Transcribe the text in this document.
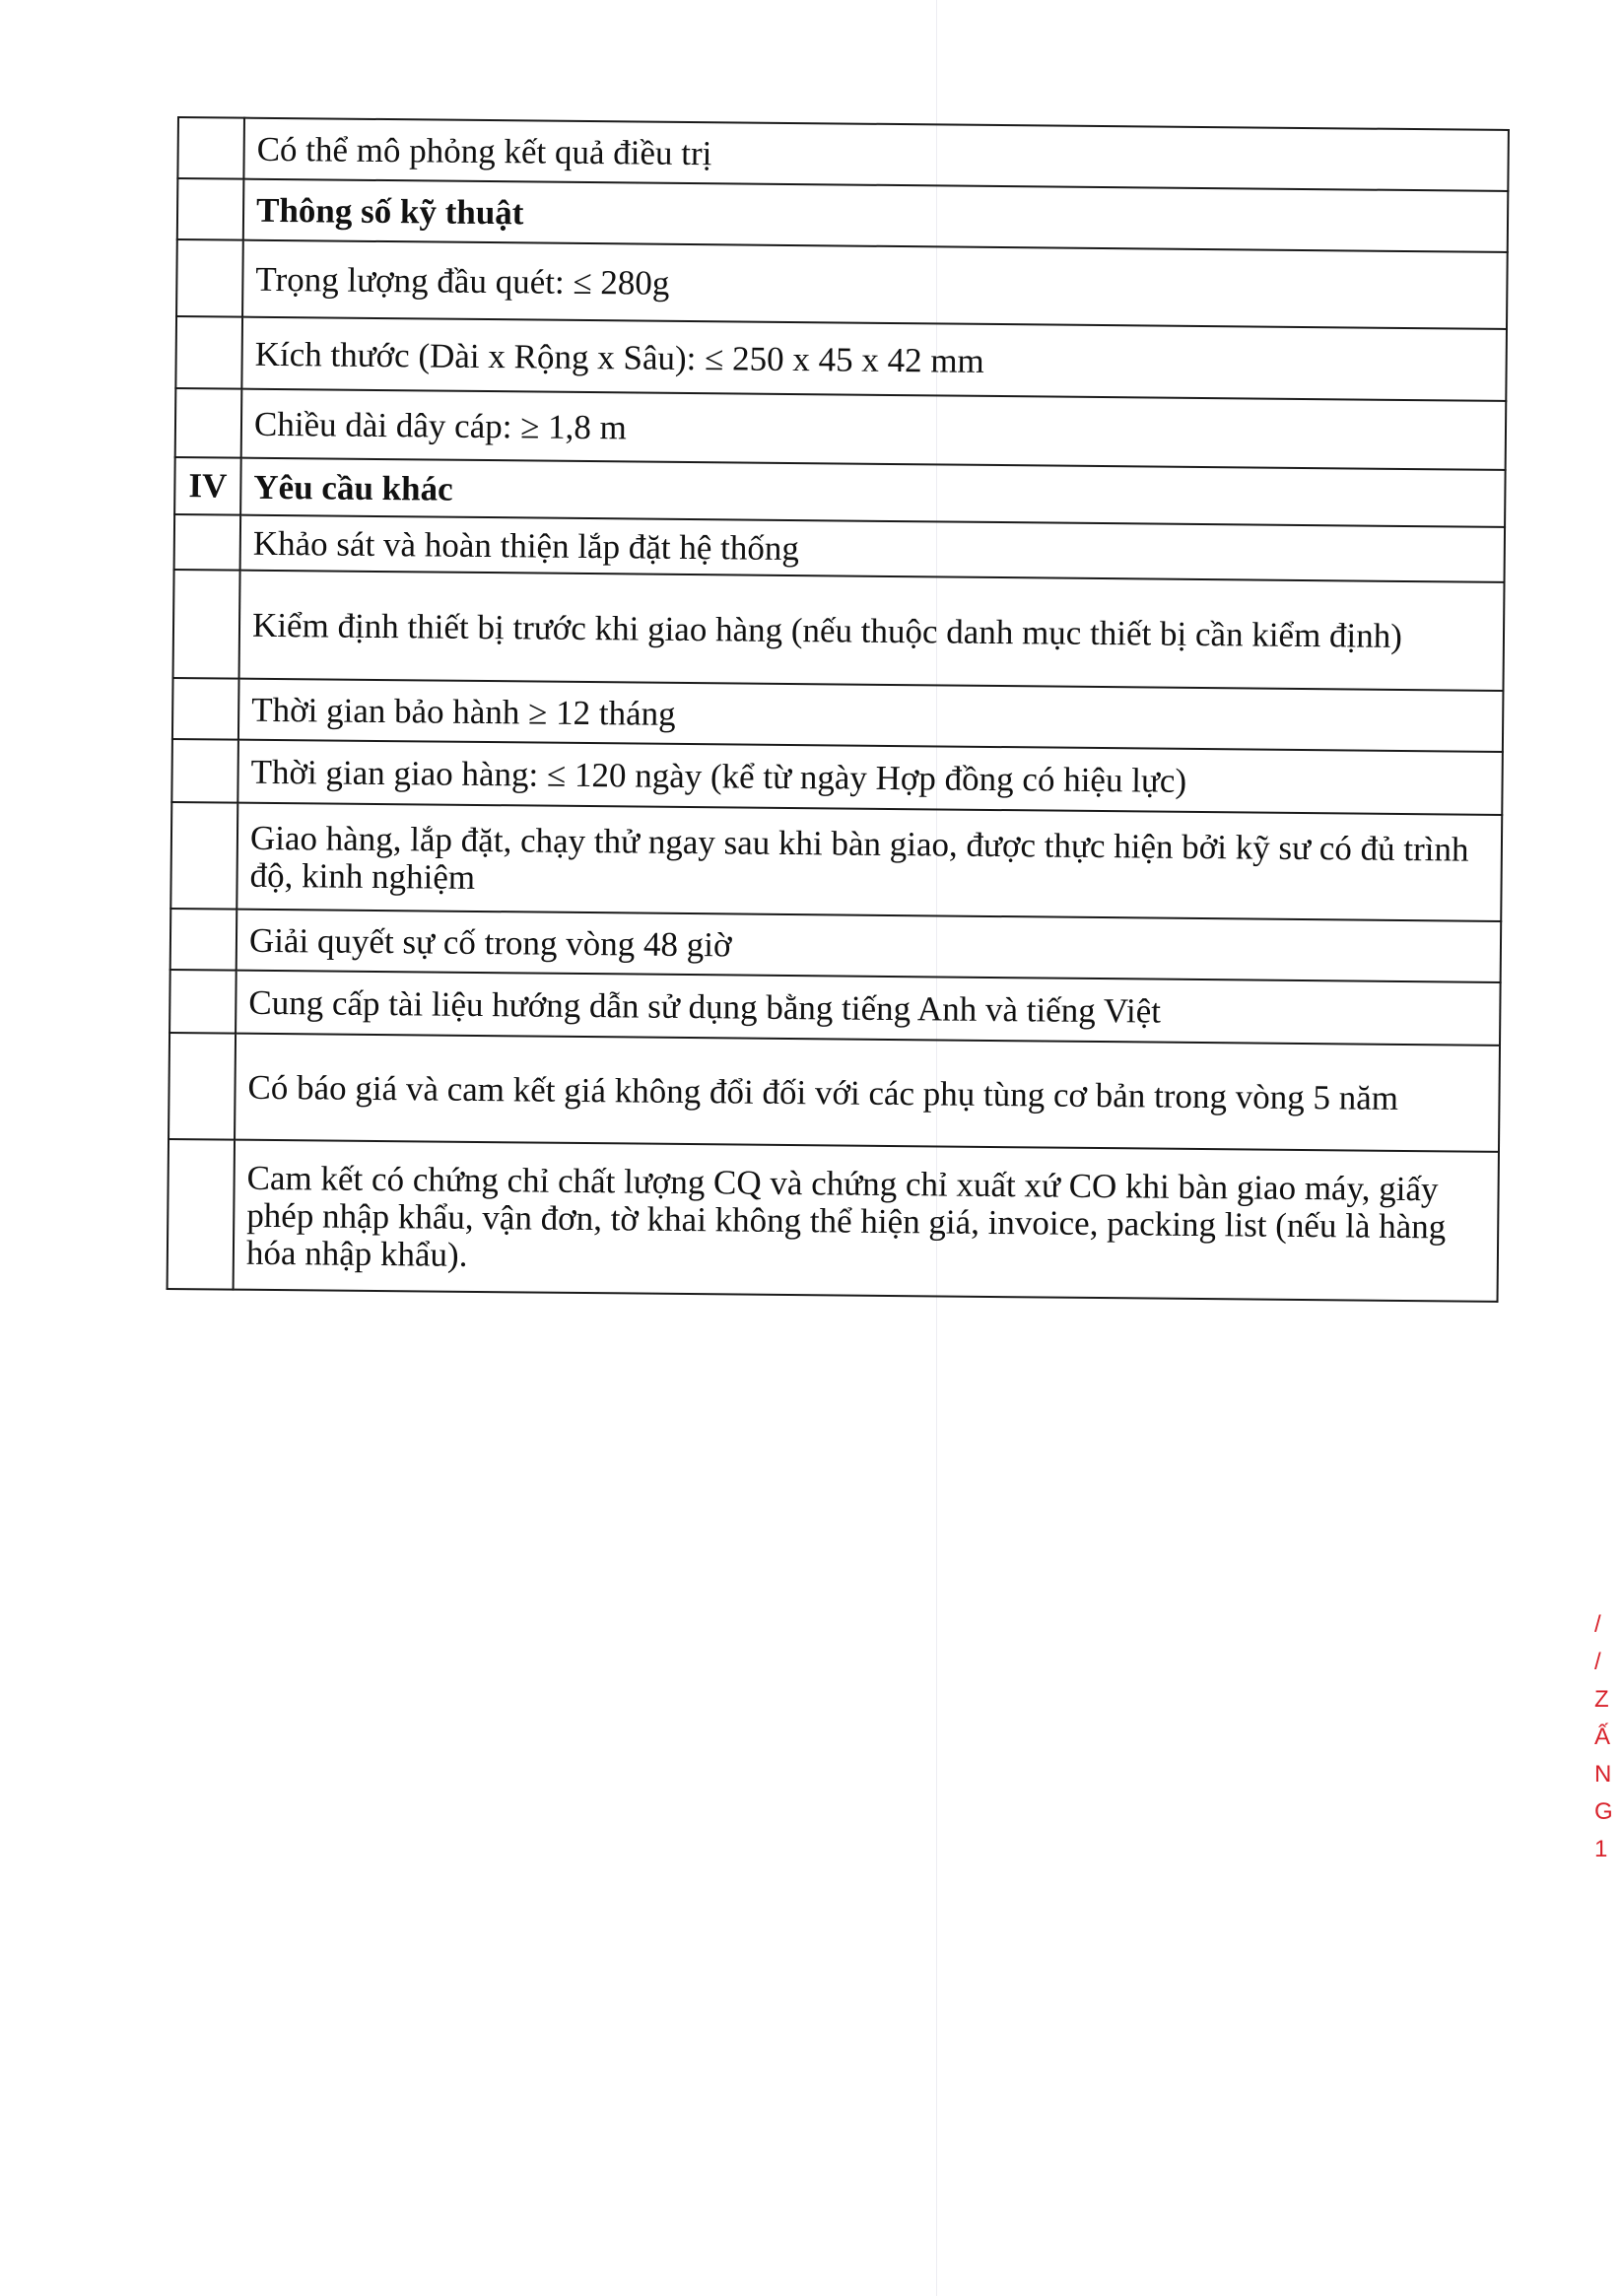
	Có thể mô phỏng kết quả điều trị
	Thông số kỹ thuật
	Trọng lượng đầu quét: ≤ 280g
	Kích thước (Dài x Rộng x Sâu): ≤ 250 x 45 x 42 mm
	Chiều dài dây cáp: ≥ 1,8 m
IV	Yêu cầu khác
	Khảo sát và hoàn thiện lắp đặt hệ thống
	Kiểm định thiết bị trước khi giao hàng (nếu thuộc danh mục thiết bị cần kiểm định)
	Thời gian bảo hành ≥ 12 tháng
	Thời gian giao hàng: ≤ 120 ngày (kể từ ngày Hợp đồng có hiệu lực)
	Giao hàng, lắp đặt, chạy thử ngay sau khi bàn giao, được thực hiện bởi kỹ sư có đủ trình độ, kinh nghiệm
	Giải quyết sự cố trong vòng 48 giờ
	Cung cấp tài liệu hướng dẫn sử dụng bằng tiếng Anh và tiếng Việt
	Có báo giá và cam kết giá không đổi đối với các phụ tùng cơ bản trong vòng 5 năm
	Cam kết có chứng chỉ chất lượng CQ và chứng chỉ xuất xứ CO khi bàn giao máy, giấy phép nhập khẩu, vận đơn, tờ khai không thể hiện giá, invoice, packing list (nếu là hàng hóa nhập khẩu).
/
/
Z
Ấ
N
G
1
